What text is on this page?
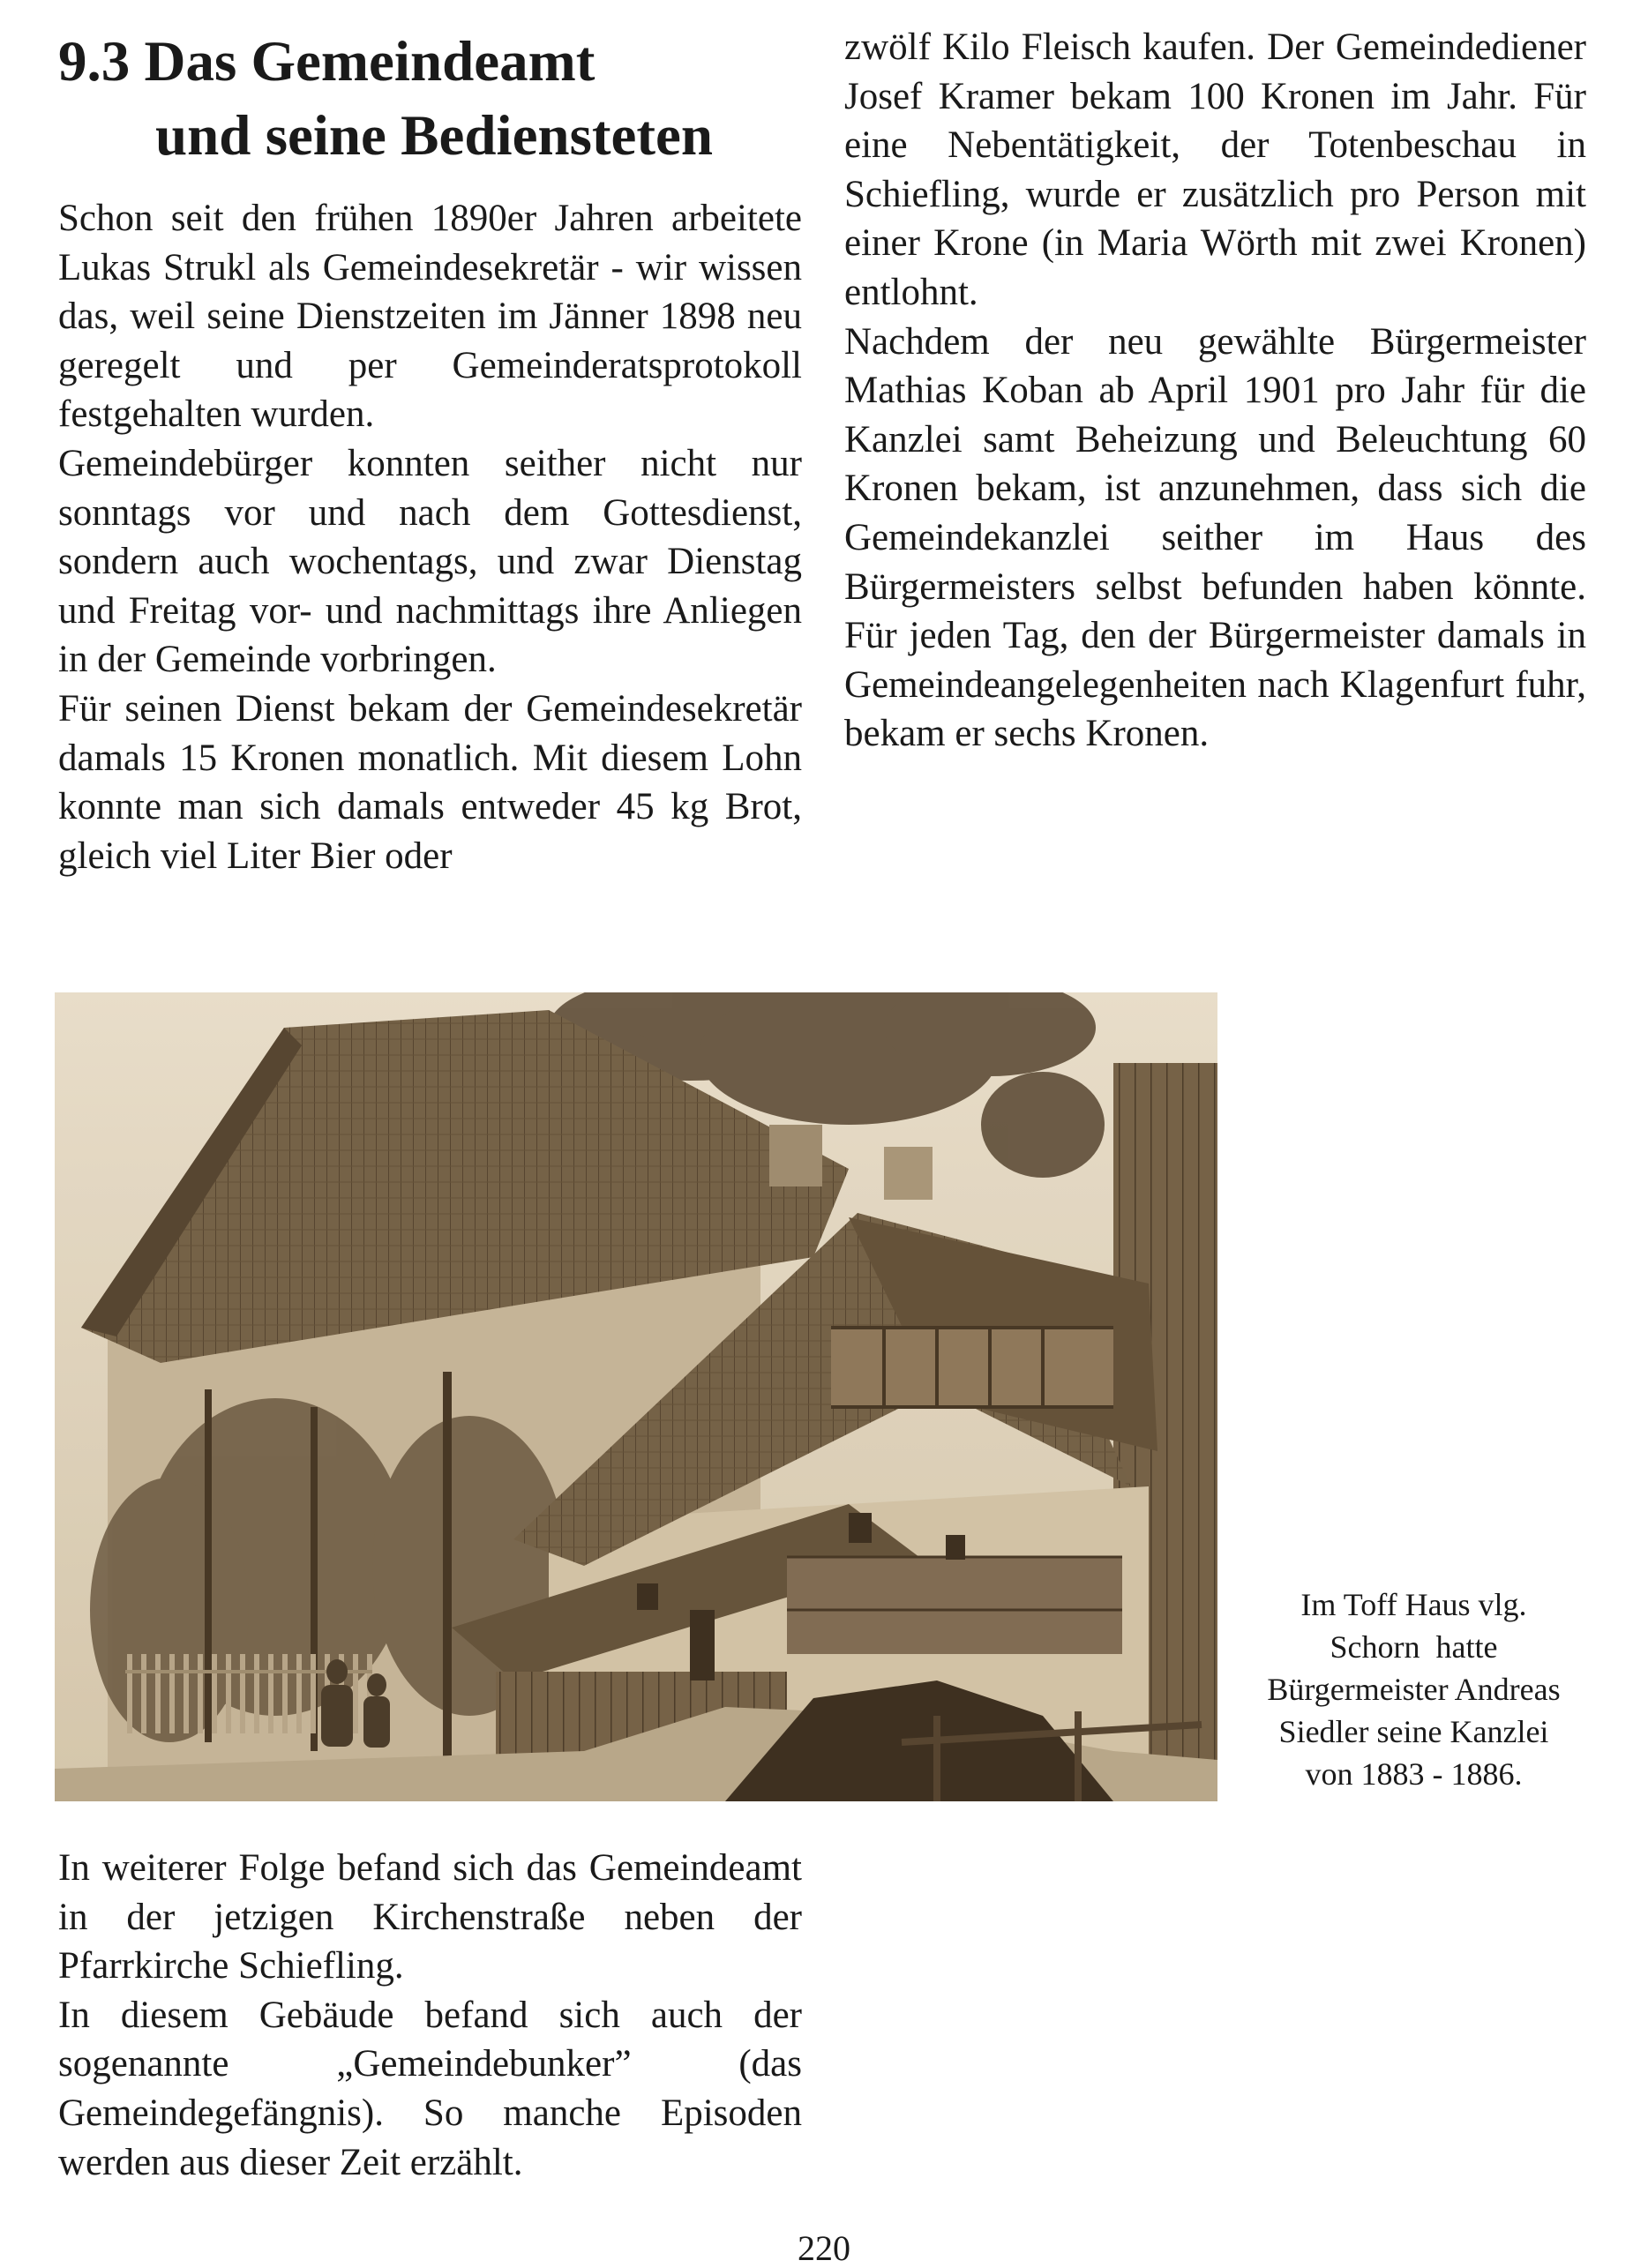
9.3 Das Gemeindeamt
und seine Bediensteten

Schon seit den frühen 1890er Jahren arbeitete Lukas Strukl als Gemeindesekretär - wir wissen das, weil seine Dienstzeiten im Jänner 1898 neu geregelt und per Gemeinderatsprotokoll festgehalten wurden.

Gemeindebürger konnten seither nicht nur sonntags vor und nach dem Gottesdienst, sondern auch wochentags, und zwar Dienstag und Freitag vor- und nachmittags ihre Anliegen in der Gemeinde vorbringen.

Für seinen Dienst bekam der Gemeindesekretär damals 15 Kronen monatlich. Mit diesem Lohn konnte man sich damals entweder 45 kg Brot, gleich viel Liter Bier oder

zwölf Kilo Fleisch kaufen. Der Gemeindediener Josef Kramer bekam 100 Kronen im Jahr. Für eine Nebentätigkeit, der Totenbeschau in Schiefling, wurde er zusätzlich pro Person mit einer Krone (in Maria Wörth mit zwei Kronen) entlohnt.

Nachdem der neu gewählte Bürgermeister Mathias Koban ab April 1901 pro Jahr für die Kanzlei samt Beheizung und Beleuchtung 60 Kronen bekam, ist anzunehmen, dass sich die Gemeindekanzlei seither im Haus des Bürgermeisters selbst befunden haben könnte. Für jeden Tag, den der Bürgermeister damals in Gemeindeangelegenheiten nach Klagenfurt fuhr, bekam er sechs Kronen.

Im Toff Haus vlg.
Schorn  hatte
Bürgermeister Andreas
Siedler seine Kanzlei
von 1883 - 1886.

In weiterer Folge befand sich das Gemeindeamt in der jetzigen Kirchenstraße neben der Pfarrkirche Schiefling.

In diesem Gebäude befand sich auch der sogenannte „Gemeindebunker” (das Gemeindegefängnis). So manche Episoden werden aus dieser Zeit erzählt.

220
